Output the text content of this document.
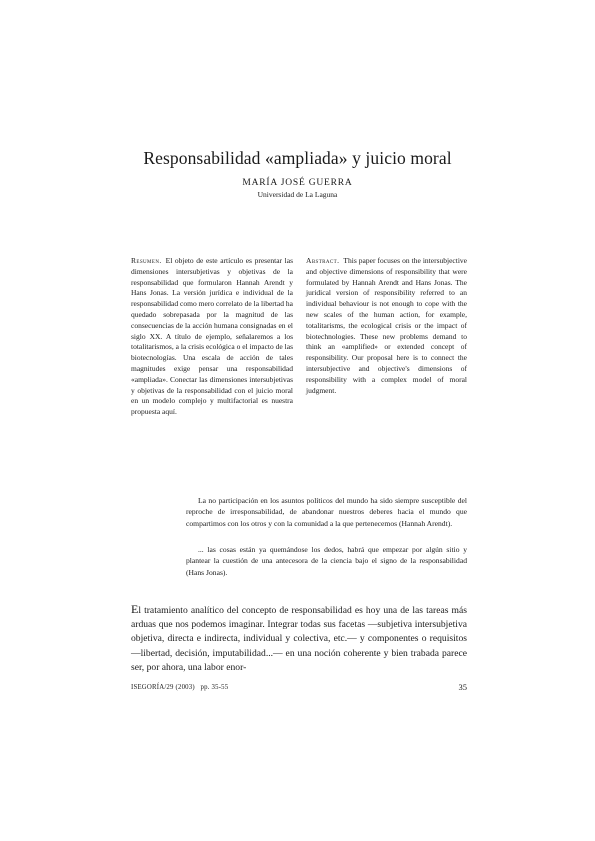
Responsabilidad «ampliada» y juicio moral
MARÍA JOSÉ GUERRA
Universidad de La Laguna
Resumen. El objeto de este artículo es presentar las dimensiones intersubjetivas y objetivas de la responsabilidad que formularon Hannah Arendt y Hans Jonas. La versión jurídica e individual de la responsabilidad como mero correlato de la libertad ha quedado sobrepasada por la magnitud de las consecuencias de la acción humana consignadas en el siglo XX. A título de ejemplo, señalaremos a los totalitarismos, a la crisis ecológica o el impacto de las biotecnologías. Una escala de acción de tales magnitudes exige pensar una responsabilidad «ampliada». Conectar las dimensiones intersubjetivas y objetivas de la responsabilidad con el juicio moral en un modelo complejo y multifactorial es nuestra propuesta aquí.
Abstract. This paper focuses on the intersubjective and objective dimensions of responsibility that were formulated by Hannah Arendt and Hans Jonas. The juridical version of responsibility referred to an individual behaviour is not enough to cope with the new scales of the human action, for example, totalitarisms, the ecological crisis or the impact of biotechnologies. These new problems demand to think an «amplified» or extended concept of responsibility. Our proposal here is to connect the intersubjective and objective's dimensions of responsibility with a complex model of moral judgment.
La no participación en los asuntos políticos del mundo ha sido siempre susceptible del reproche de irresponsabilidad, de abandonar nuestros deberes hacia el mundo que compartimos con los otros y con la comunidad a la que pertenecemos (Hannah Arendt).
... las cosas están ya quemándose los dedos, habrá que empezar por algún sitio y plantear la cuestión de una antecesora de la ciencia bajo el signo de la responsabilidad (Hans Jonas).
El tratamiento analítico del concepto de responsabilidad es hoy una de las tareas más arduas que nos podemos imaginar. Integrar todas sus facetas —subjetiva intersubjetiva objetiva, directa e indirecta, individual y colectiva, etc.— y componentes o requisitos —libertad, decisión, imputabilidad...— en una noción coherente y bien trabada parece ser, por ahora, una labor enor-
ISEGORÍA/29 (2003) pp. 35-55	35
